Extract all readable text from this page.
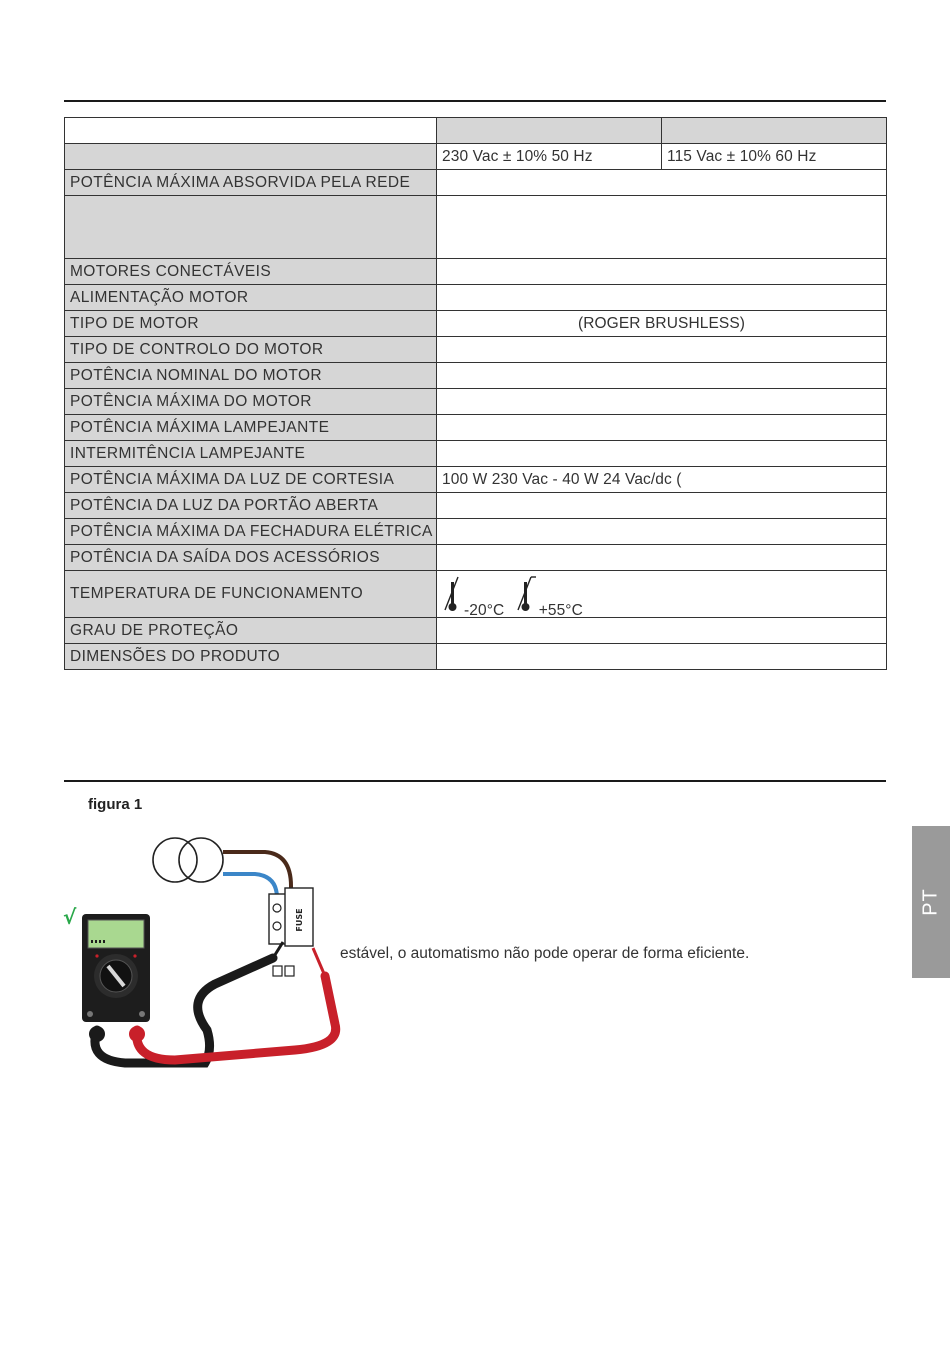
	230 Vac ± 10% 50 Hz	115 Vac ± 10% 60 Hz
POTÊNCIA MÁXIMA ABSORVIDA PELA REDE		

MOTORES CONECTÁVEIS		
ALIMENTAÇÃO MOTOR		
TIPO DE MOTOR	(ROGER BRUSHLESS)	
TIPO DE CONTROLO DO MOTOR		
POTÊNCIA NOMINAL DO MOTOR		
POTÊNCIA MÁXIMA DO MOTOR		
POTÊNCIA MÁXIMA LAMPEJANTE		
INTERMITÊNCIA LAMPEJANTE		
POTÊNCIA MÁXIMA DA LUZ DE CORTESIA	100 W 230 Vac - 40 W 24 Vac/dc (	
POTÊNCIA DA LUZ DA PORTÃO ABERTA		
POTÊNCIA MÁXIMA DA FECHADURA ELÉTRICA		
POTÊNCIA DA SAÍDA DOS ACESSÓRIOS		
TEMPERATURA DE FUNCIONAMENTO	-20°C +55°C	
GRAU DE PROTEÇÃO		
DIMENSÕES DO PRODUTO		
figura 1
FUSE
√
estável, o automatismo não pode operar de forma eficiente.
PT
